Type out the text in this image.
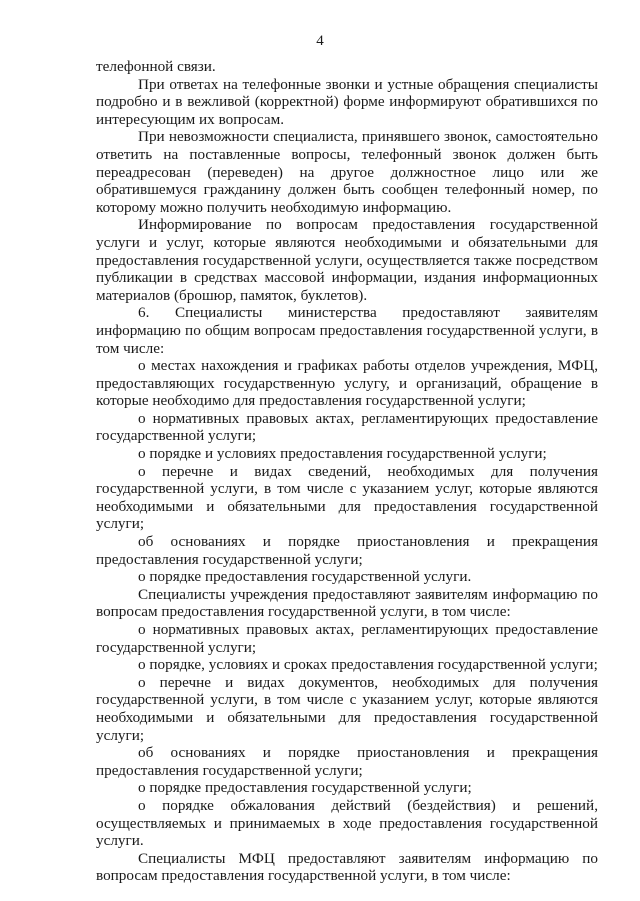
4

телефонной связи.

При ответах на телефонные звонки и устные обращения специалисты подробно и в вежливой (корректной) форме информируют обратившихся по интересующим их вопросам.

При невозможности специалиста, принявшего звонок, самостоятельно ответить на поставленные вопросы, телефонный звонок должен быть переадресован (переведен) на другое должностное лицо или же обратившемуся гражданину должен быть сообщен телефонный номер, по которому можно получить необходимую информацию.

Информирование по вопросам предоставления государственной услуги и услуг, которые являются необходимыми и обязательными для предоставления государственной услуги, осуществляется также посредством публикации в средствах массовой информации, издания информационных материалов (брошюр, памяток, буклетов).

6. Специалисты министерства предоставляют заявителям информацию по общим вопросам предоставления государственной услуги, в том числе:

о местах нахождения и графиках работы отделов учреждения, МФЦ, предоставляющих государственную услугу, и организаций, обращение в которые необходимо для предоставления государственной услуги;

о нормативных правовых актах, регламентирующих предоставление государственной услуги;

о порядке и условиях предоставления государственной услуги;

о перечне и видах сведений, необходимых для получения государственной услуги, в том числе с указанием услуг, которые являются необходимыми и обязательными для предоставления государственной услуги;

об основаниях и порядке приостановления и прекращения предоставления государственной услуги;

о порядке предоставления государственной услуги.

Специалисты учреждения предоставляют заявителям информацию по вопросам предоставления государственной услуги, в том числе:

о нормативных правовых актах, регламентирующих предоставление государственной услуги;

о порядке, условиях и сроках предоставления государственной услуги;

о перечне и видах документов, необходимых для получения государственной услуги, в том числе с указанием услуг, которые являются необходимыми и обязательными для предоставления государственной услуги;

об основаниях и порядке приостановления и прекращения предоставления государственной услуги;

о порядке предоставления государственной услуги;

о порядке обжалования действий (бездействия) и решений, осуществляемых и принимаемых в ходе предоставления государственной услуги.

Специалисты МФЦ предоставляют заявителям информацию по вопросам предоставления государственной услуги, в том числе:
